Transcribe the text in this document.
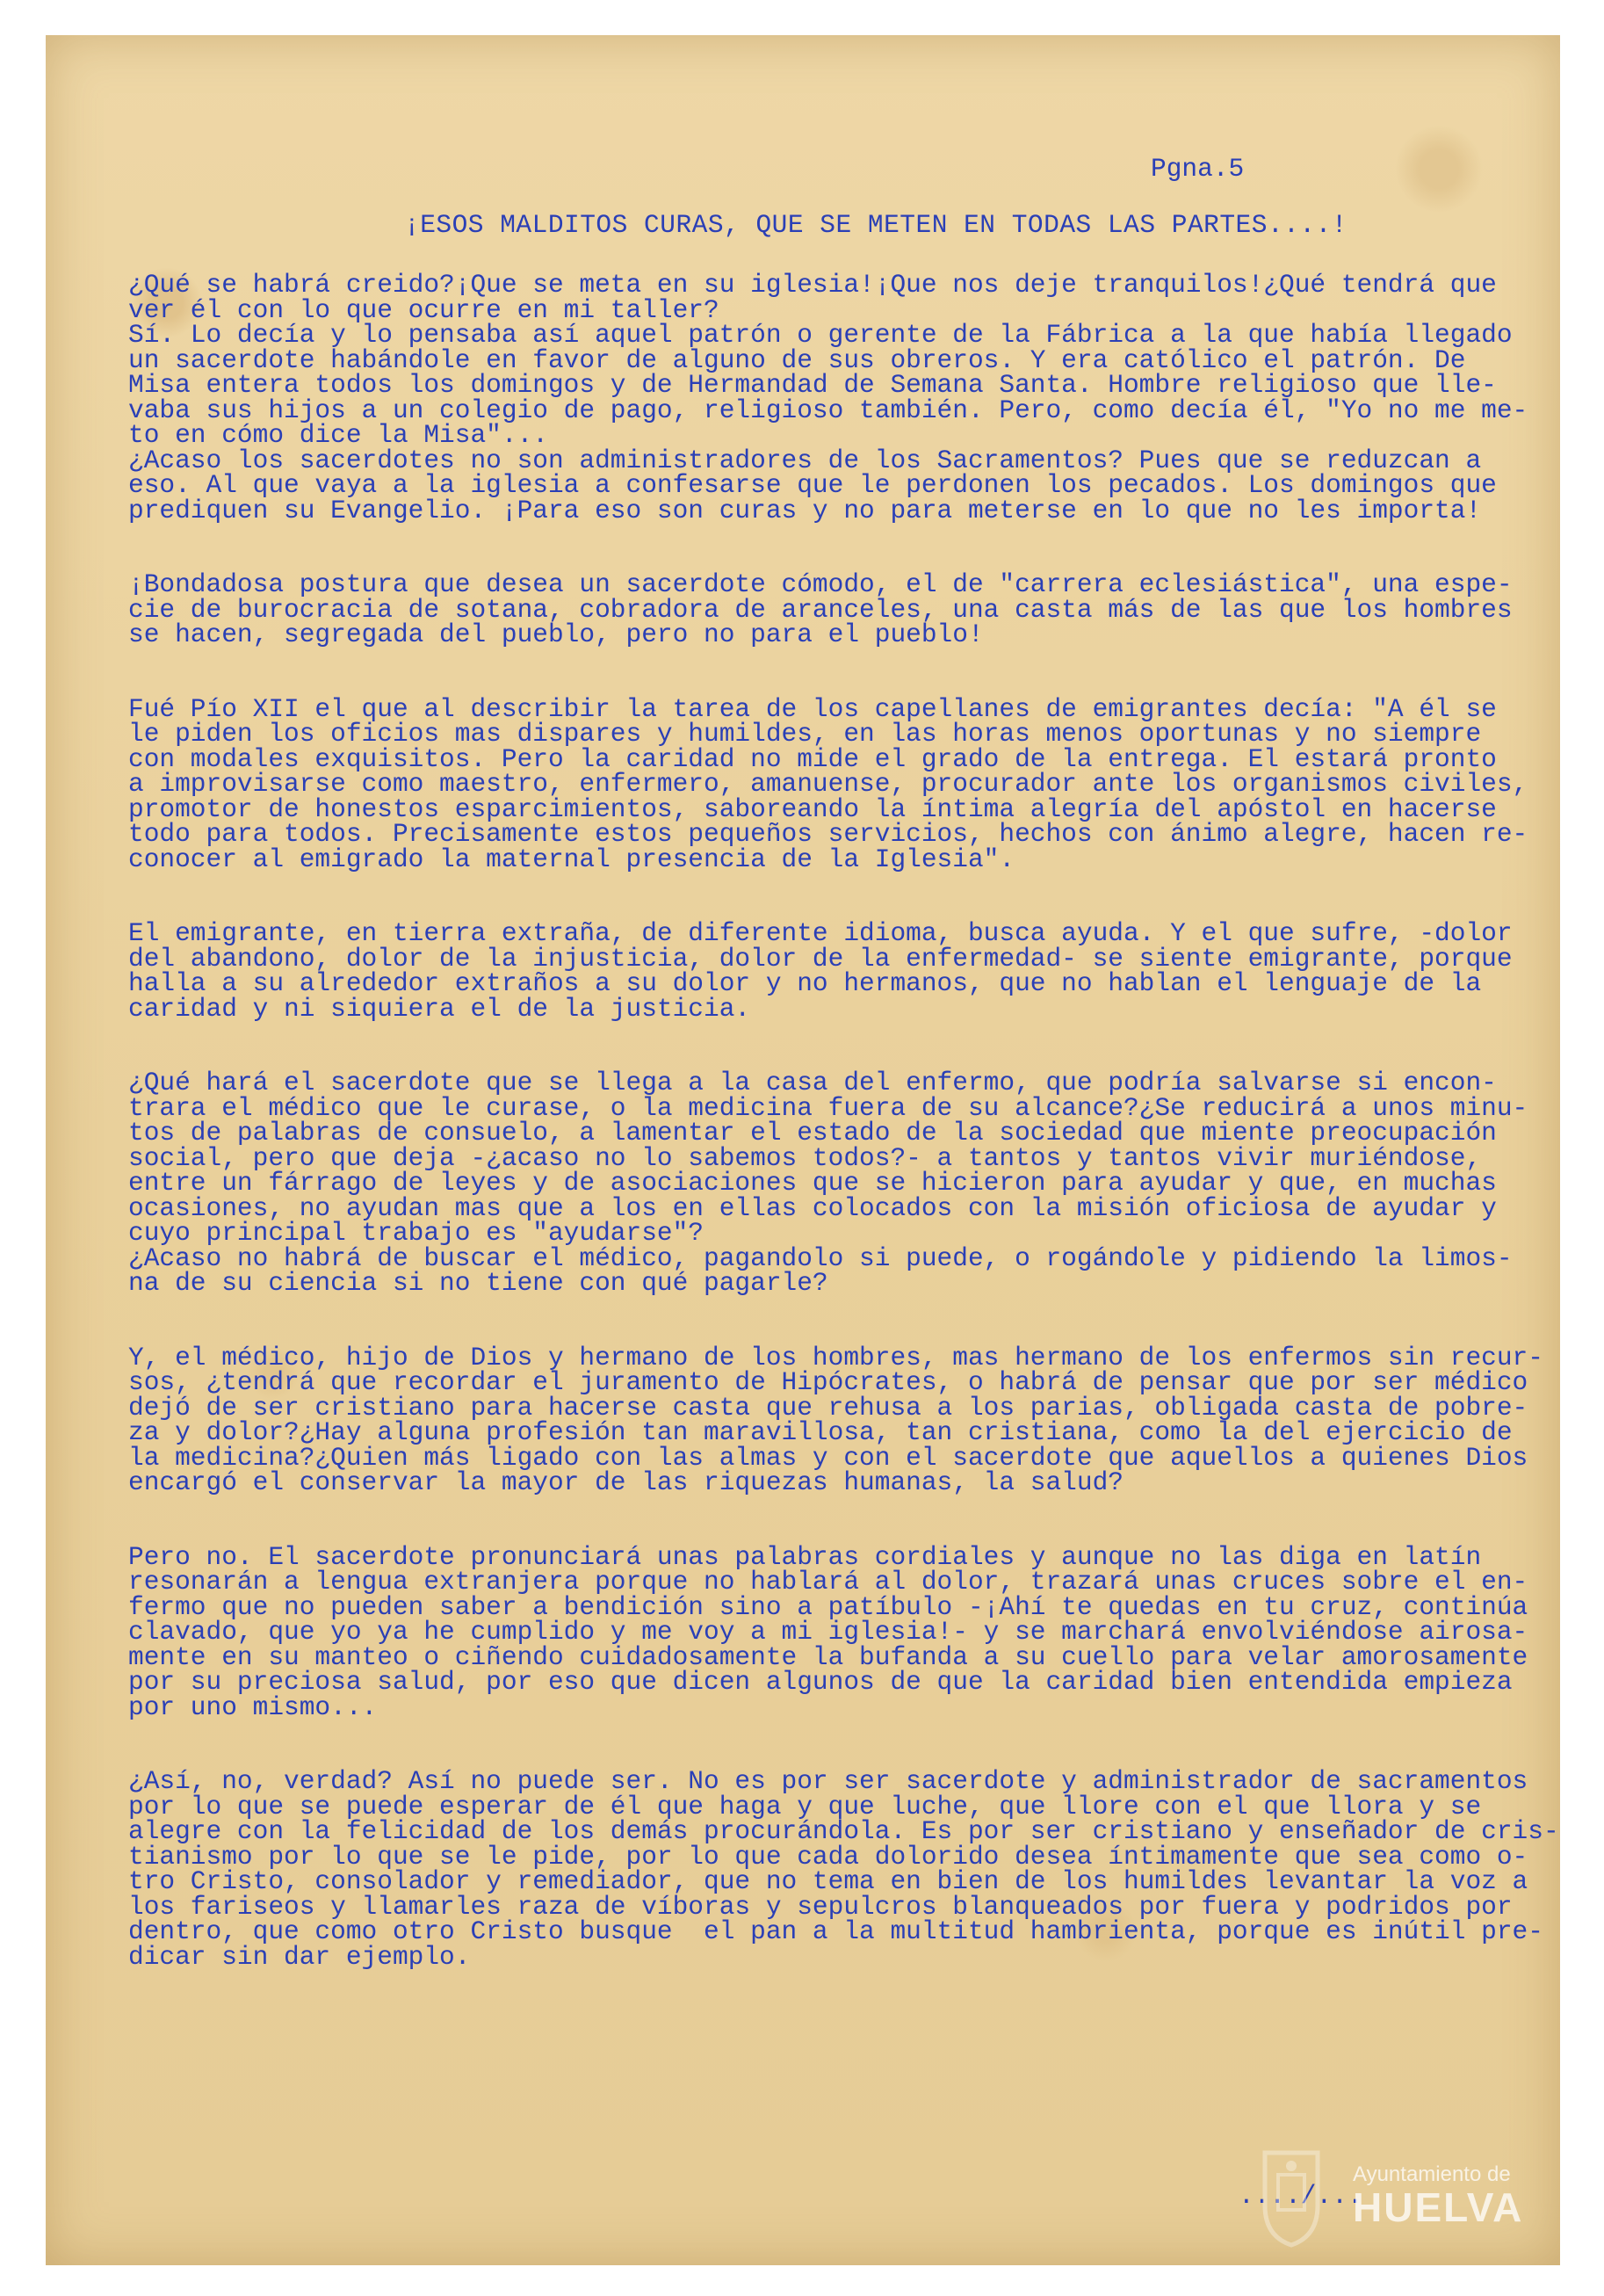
Pgna.5
¡ESOS MALDITOS CURAS, QUE SE METEN EN TODAS LAS PARTES....!
¿Qué se habrá creido?¡Que se meta en su iglesia!¡Que nos deje tranquilos!¿Qué tendrá que
ver él con lo que ocurre en mi taller?
Sí. Lo decía y lo pensaba así aquel patrón o gerente de la Fábrica a la que había llegado
un sacerdote habándole en favor de alguno de sus obreros. Y era católico el patrón. De
Misa entera todos los domingos y de Hermandad de Semana Santa. Hombre religioso que lle-
vaba sus hijos a un colegio de pago, religioso también. Pero, como decía él, "Yo no me me-
to en cómo dice la Misa"...
¿Acaso los sacerdotes no son administradores de los Sacramentos? Pues que se reduzcan a
eso. Al que vaya a la iglesia a confesarse que le perdonen los pecados. Los domingos que
prediquen su Evangelio. ¡Para eso son curas y no para meterse en lo que no les importa!
¡Bondadosa postura que desea un sacerdote cómodo, el de "carrera eclesiástica", una espe-
cie de burocracia de sotana, cobradora de aranceles, una casta más de las que los hombres
se hacen, segregada del pueblo, pero no para el pueblo!
Fué Pío XII el que al describir la tarea de los capellanes de emigrantes decía: "A él se
le piden los oficios mas dispares y humildes, en las horas menos oportunas y no siempre
con modales exquisitos. Pero la caridad no mide el grado de la entrega. El estará pronto
a improvisarse como maestro, enfermero, amanuense, procurador ante los organismos civiles,
promotor de honestos esparcimientos, saboreando la íntima alegría del apóstol en hacerse
todo para todos. Precisamente estos pequeños servicios, hechos con ánimo alegre, hacen re-
conocer al emigrado la maternal presencia de la Iglesia".
El emigrante, en tierra extraña, de diferente idioma, busca ayuda. Y el que sufre, -dolor
del abandono, dolor de la injusticia, dolor de la enfermedad- se siente emigrante, porque
halla a su alrededor extraños a su dolor y no hermanos, que no hablan el lenguaje de la
caridad y ni siquiera el de la justicia.
¿Qué hará el sacerdote que se llega a la casa del enfermo, que podría salvarse si encon-
trara el médico que le curase, o la medicina fuera de su alcance?¿Se reducirá a unos minu-
tos de palabras de consuelo, a lamentar el estado de la sociedad que miente preocupación
social, pero que deja -¿acaso no lo sabemos todos?- a tantos y tantos vivir muriéndose,
entre un fárrago de leyes y de asociaciones que se hicieron para ayudar y que, en muchas
ocasiones, no ayudan mas que a los en ellas colocados con la misión oficiosa de ayudar y
cuyo principal trabajo es "ayudarse"?
¿Acaso no habrá de buscar el médico, pagandolo si puede, o rogándole y pidiendo la limos-
na de su ciencia si no tiene con qué pagarle?
Y, el médico, hijo de Dios y hermano de los hombres, mas hermano de los enfermos sin recur-
sos, ¿tendrá que recordar el juramento de Hipócrates, o habrá de pensar que por ser médico
dejó de ser cristiano para hacerse casta que rehusa a los parias, obligada casta de pobre-
za y dolor?¿Hay alguna profesión tan maravillosa, tan cristiana, como la del ejercicio de
la medicina?¿Quien más ligado con las almas y con el sacerdote que aquellos a quienes Dios
encargó el conservar la mayor de las riquezas humanas, la salud?
Pero no. El sacerdote pronunciará unas palabras cordiales y aunque no las diga en latín
resonarán a lengua extranjera porque no hablará al dolor, trazará unas cruces sobre el en-
fermo que no pueden saber a bendición sino a patíbulo -¡Ahí te quedas en tu cruz, continúa
clavado, que yo ya he cumplido y me voy a mi iglesia!- y se marchará envolviéndose airosa-
mente en su manteo o ciñendo cuidadosamente la bufanda a su cuello para velar amorosamente
por su preciosa salud, por eso que dicen algunos de que la caridad bien entendida empieza
por uno mismo...
¿Así, no, verdad? Así no puede ser. No es por ser sacerdote y administrador de sacramentos
por lo que se puede esperar de él que haga y que luche, que llore con el que llora y se
alegre con la felicidad de los demás procurándola. Es por ser cristiano y enseñador de cris-
tianismo por lo que se le pide, por lo que cada dolorido desea íntimamente que sea como o-
tro Cristo, consolador y remediador, que no tema en bien de los humildes levantar la voz a
los fariseos y llamarles raza de víboras y sepulcros blanqueados por fuera y podridos por
dentro, que como otro Cristo busque  el pan a la multitud hambrienta, porque es inútil pre-
dicar sin dar ejemplo.
..../...
Ayuntamiento de
HUELVA
